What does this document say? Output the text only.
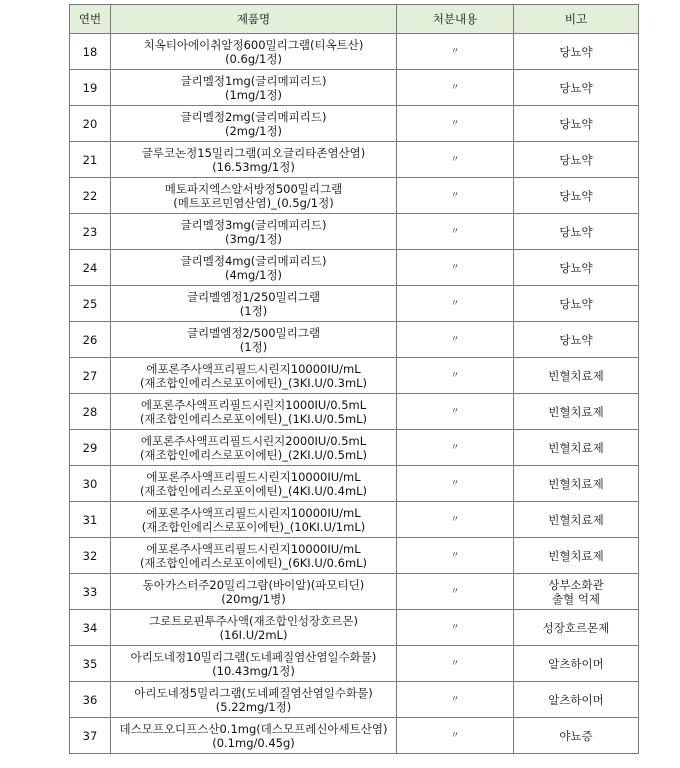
연번	제품명	처분내용	비고
18	치옥티아에이취알정600밀리그램(티옥트산)
(0.6g/1정)	〃	당뇨약

19	글리멜정1mg(글리메피리드)
(1mg/1정)	〃	당뇨약

20	글리멜정2mg(글리메피리드)
(2mg/1정)	〃	당뇨약

21	글루코논정15밀리그램(피오글리타존염산염)
(16.53mg/1정)	〃	당뇨약

22	메토파지엑스알서방정500밀리그램
(메트포르민염산염)_(0.5g/1정)	〃	당뇨약

23	글리멜정3mg(글리메피리드)
(3mg/1정)	〃	당뇨약

24	글리멜정4mg(글리메피리드)
(4mg/1정)	〃	당뇨약

25	글리멜엠정1/250밀리그램
(1정)	〃	당뇨약

26	글리멜엠정2/500밀리그램
(1정)	〃	당뇨약

27	에포론주사액프리필드시린지10000IU/mL
(재조합인에리스로포이에틴)_(3KI.U/0.3mL)	〃	빈혈치료제

28	에포론주사액프리필드시린지1000IU/0.5mL
(재조합인에리스로포이에틴)_(1KI.U/0.5mL)	〃	빈혈치료제

29	에포론주사액프리필드시린지2000IU/0.5mL
(재조합인에리스로포이에틴)_(2KI.U/0.5mL)	〃	빈혈치료제

30	에포론주사액프리필드시린지10000IU/mL
(재조합인에리스로포이에틴)_(4KI.U/0.4mL)	〃	빈혈치료제

31	에포론주사액프리필드시린지10000IU/mL
(재조합인에리스로포이에틴)_(10KI.U/1mL)	〃	빈혈치료제

32	에포론주사액프리필드시린지10000IU/mL
(재조합인에리스로포이에틴)_(6KI.U/0.6mL)	〃	빈혈치료제

33	동아가스터주20밀리그람(바이알)(파모티딘)
(20mg/1병)	〃	상부소화관
출혈 억제

34	그로트로핀투주사액(재조합인성장호르몬)
(16I.U/2mL)	〃	성장호르몬제

35	아리도네정10밀리그램(도네페질염산염일수화물)
(10.43mg/1정)	〃	알츠하이머

36	아리도네정5밀리그램(도네페질염산염일수화물)
(5.22mg/1정)	〃	알츠하이머

37	데스모프오디프스산0.1mg(데스모프레신아세트산염)
(0.1mg/0.45g)	〃	야뇨증
